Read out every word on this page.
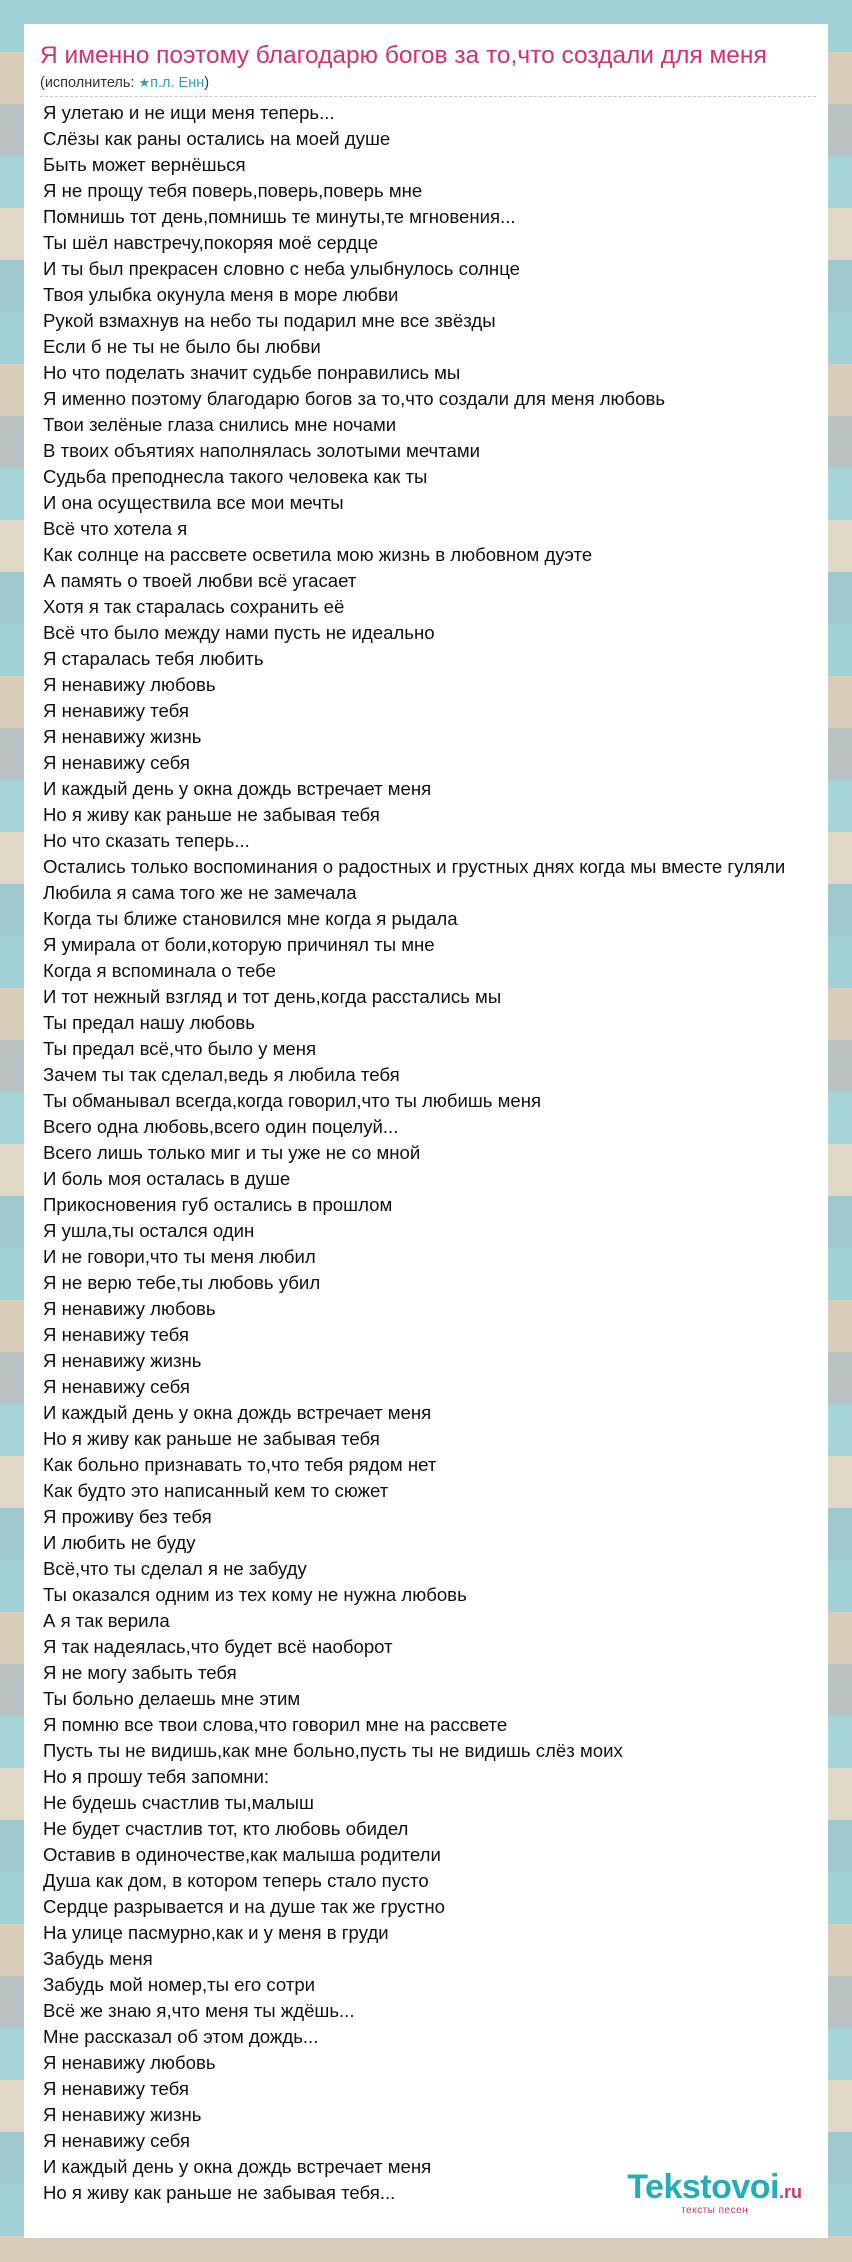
Я именно поэтому благодарю богов за то,что создали для меня
(исполнитель: ★п.л. Енн)
Я улетаю и не ищи меня теперь...
Слёзы как раны остались на моей душе
Быть может вернёшься
Я не прощу тебя поверь,поверь,поверь мне
Помнишь тот день,помнишь те минуты,те мгновения...
Ты шёл навстречу,покоряя моё сердце
И ты был прекрасен словно с неба улыбнулось солнце
Твоя улыбка окунула меня в море любви
Рукой взмахнув на небо ты подарил мне все звёзды
Если б не ты не было бы любви
Но что поделать значит судьбе понравились мы
Я именно поэтому благодарю богов за то,что создали для меня любовь
Твои зелёные глаза снились мне ночами
В твоих объятиях наполнялась золотыми мечтами
Судьба преподнесла такого человека как ты
И она осуществила все мои мечты
Всё что хотела я
Как солнце на рассвете осветила мою жизнь в любовном дуэте
А память о твоей любви всё угасает
Хотя я так старалась сохранить её
Всё что было между нами пусть не идеально
Я старалась тебя любить
Я ненавижу любовь
Я ненавижу тебя
Я ненавижу жизнь
Я ненавижу себя
И каждый день у окна дождь встречает меня
Но я живу как раньше не забывая тебя
Но что сказать теперь...
Остались только воспоминания о радостных и грустных днях когда мы вместе гуляли
Любила я сама того же не замечала
Когда ты ближе становился мне когда я рыдала
Я умирала от боли,которую причинял ты мне
Когда я вспоминала о тебе
И тот нежный взгляд и тот день,когда расстались мы
Ты предал нашу любовь
Ты предал всё,что было у меня
Зачем ты так сделал,ведь я любила тебя
Ты обманывал всегда,когда говорил,что ты любишь меня
Всего одна любовь,всего один поцелуй...
Всего лишь только миг и ты уже не со мной
И боль моя осталась в душе
Прикосновения губ остались в прошлом
Я ушла,ты остался один
И не говори,что ты меня любил
Я не верю тебе,ты любовь убил
Я ненавижу любовь
Я ненавижу тебя
Я ненавижу жизнь
Я ненавижу себя
И каждый день у окна дождь встречает меня
Но я живу как раньше не забывая тебя
Как больно признавать то,что тебя рядом нет
Как будто это написанный кем то сюжет
Я проживу без тебя
И любить не буду
Всё,что ты сделал я не забуду
Ты оказался одним из тех кому не нужна любовь
А я так верила
Я так надеялась,что будет всё наоборот
Я не могу забыть тебя
Ты больно делаешь мне этим
Я помню все твои слова,что говорил мне на рассвете
Пусть ты не видишь,как мне больно,пусть ты не видишь слёз моих
Но я прошу тебя запомни:
Не будешь счастлив ты,малыш
Не будет счастлив тот, кто любовь обидел
Оставив в одиночестве,как малыша родители
Душа как дом, в котором теперь стало пусто
Сердце разрывается и на душе так же грустно
На улице пасмурно,как и у меня в груди
Забудь меня
Забудь мой номер,ты его сотри
Всё же знаю я,что меня ты ждёшь...
Мне рассказал об этом дождь...
Я ненавижу любовь
Я ненавижу тебя
Я ненавижу жизнь
Я ненавижу себя
И каждый день у окна дождь встречает меня
Но я живу как раньше не забывая тебя...	Tekstovoi.ru
тексты песен
